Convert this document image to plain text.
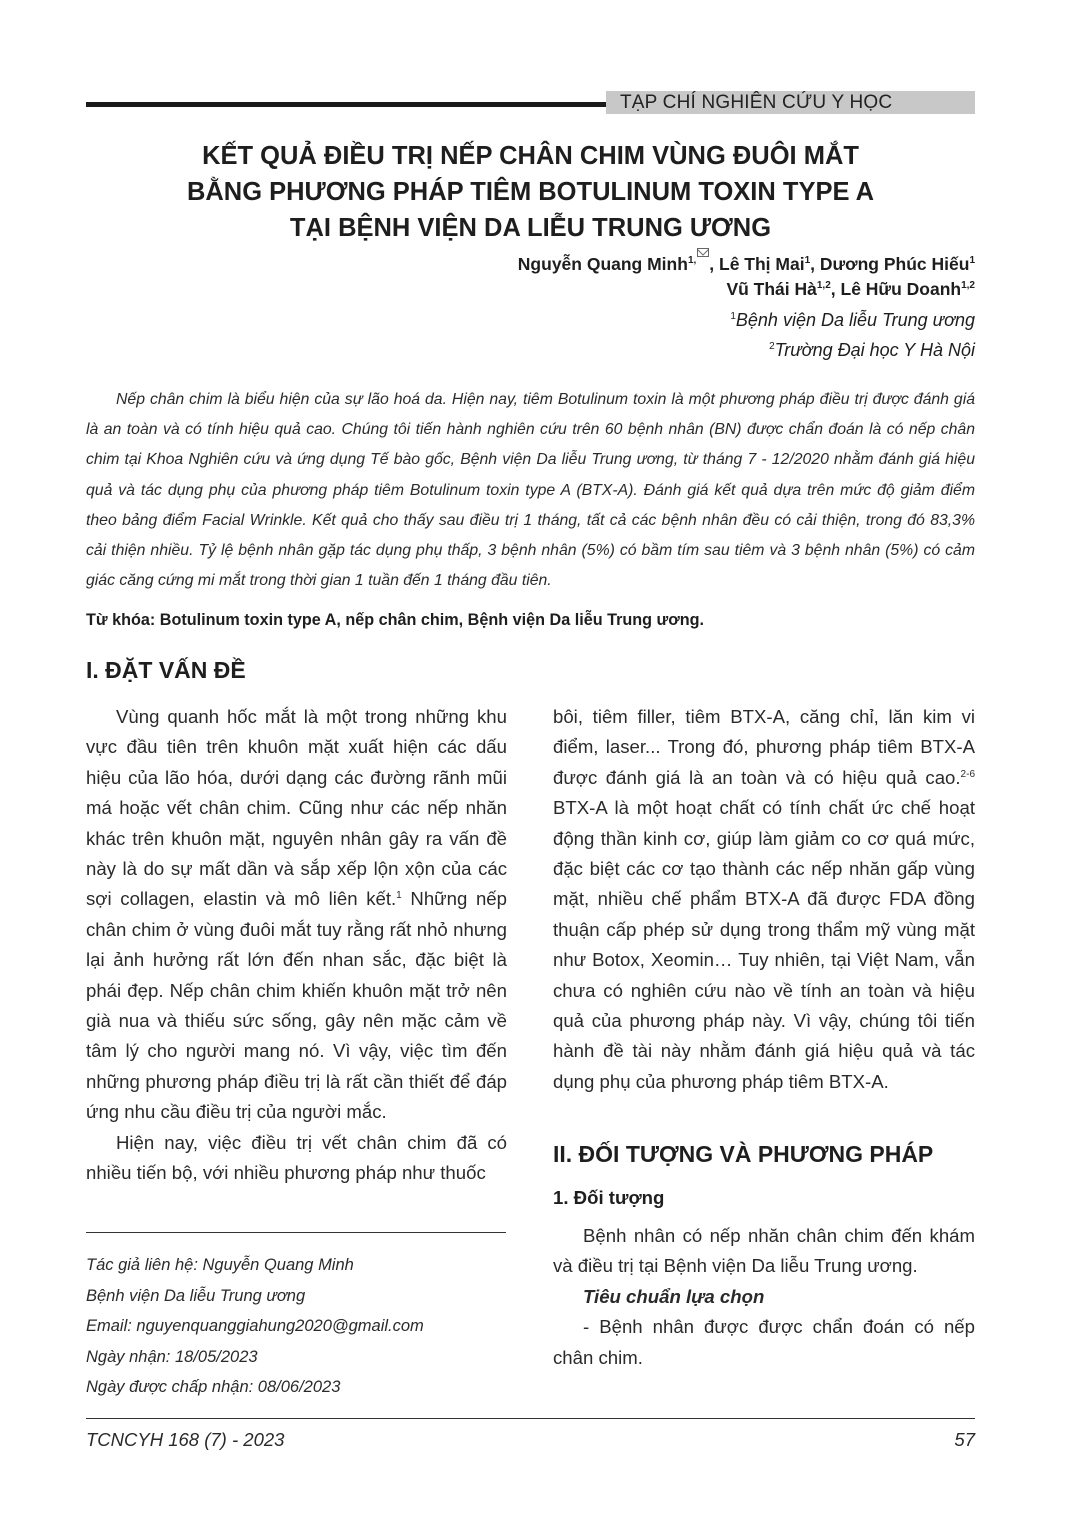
TẠP CHÍ NGHIÊN CỨU Y HỌC
KẾT QUẢ ĐIỀU TRỊ NẾP CHÂN CHIM VÙNG ĐUÔI MẮT
BẰNG PHƯƠNG PHÁP TIÊM BOTULINUM TOXIN TYPE A
TẠI BỆNH VIỆN DA LIỄU TRUNG ƯƠNG
Nguyễn Quang Minh$^{1,}$ , Lê Thị Mai$^1$, Dương Phúc Hiếu$^1$
Vũ Thái Hà$^{1,2}$, Lê Hữu Doanh$^{1,2}$
$^1$Bệnh viện Da liễu Trung ương
$^2$Trường Đại học Y Hà Nội

Nếp chân chim là biểu hiện của sự lão hoá da. Hiện nay, tiêm Botulinum toxin là một phương pháp điều trị được đánh giá là an toàn và có tính hiệu quả cao. Chúng tôi tiến hành nghiên cứu trên 60 bệnh nhân (BN) được chẩn đoán là có nếp chân chim tại Khoa Nghiên cứu và ứng dụng Tế bào gốc, Bệnh viện Da liễu Trung ương, từ tháng 7 - 12/2020 nhằm đánh giá hiệu quả và tác dụng phụ của phương pháp tiêm Botulinum toxin type A (BTX-A). Đánh giá kết quả dựa trên mức độ giảm điểm theo bảng điểm Facial Wrinkle. Kết quả cho thấy sau điều trị 1 tháng, tất cả các bệnh nhân đều có cải thiện, trong đó 83,3% cải thiện nhiều. Tỷ lệ bệnh nhân gặp tác dụng phụ thấp, 3 bệnh nhân (5%) có bầm tím sau tiêm và 3 bệnh nhân (5%) có cảm giác căng cứng mi mắt trong thời gian 1 tuần đến 1 tháng đầu tiên.

Từ khóa: Botulinum toxin type A, nếp chân chim, Bệnh viện Da liễu Trung ương.

I. ĐẶT VẤN ĐỀ

Vùng quanh hốc mắt là một trong những khu vực đầu tiên trên khuôn mặt xuất hiện các dấu hiệu của lão hóa, dưới dạng các đường rãnh mũi má hoặc vết chân chim. Cũng như các nếp nhăn khác trên khuôn mặt, nguyên nhân gây ra vấn đề này là do sự mất dần và sắp xếp lộn xộn của các sợi collagen, elastin và mô liên kết.$^1$ Những nếp chân chim ở vùng đuôi mắt tuy rằng rất nhỏ nhưng lại ảnh hưởng rất lớn đến nhan sắc, đặc biệt là phái đẹp. Nếp chân chim khiến khuôn mặt trở nên già nua và thiếu sức sống, gây nên mặc cảm về tâm lý cho người mang nó. Vì vậy, việc tìm đến những phương pháp điều trị là rất cần thiết để đáp ứng nhu cầu điều trị của người mắc.

Hiện nay, việc điều trị vết chân chim đã có nhiều tiến bộ, với nhiều phương pháp như thuốc

bôi, tiêm filler, tiêm BTX-A, căng chỉ, lăn kim vi điểm, laser... Trong đó, phương pháp tiêm BTX-A được đánh giá là an toàn và có hiệu quả cao.$^{2-6}$ BTX-A là một hoạt chất có tính chất ức chế hoạt động thần kinh cơ, giúp làm giảm co cơ quá mức, đặc biệt các cơ tạo thành các nếp nhăn gấp vùng mặt, nhiều chế phẩm BTX-A đã được FDA đồng thuận cấp phép sử dụng trong thẩm mỹ vùng mặt như Botox, Xeomin… Tuy nhiên, tại Việt Nam, vẫn chưa có nghiên cứu nào về tính an toàn và hiệu quả của phương pháp này. Vì vậy, chúng tôi tiến hành đề tài này nhằm đánh giá hiệu quả và tác dụng phụ của phương pháp tiêm BTX-A.

II. ĐỐI TƯỢNG VÀ PHƯƠNG PHÁP
1. Đối tượng

Bệnh nhân có nếp nhăn chân chim đến khám và điều trị tại Bệnh viện Da liễu Trung ương.

Tiêu chuẩn lựa chọn

- Bệnh nhân được được chẩn đoán có nếp chân chim.

Tác giả liên hệ: Nguyễn Quang Minh
Bệnh viện Da liễu Trung ương
Email: nguyenquanggiahung2020@gmail.com
Ngày nhận: 18/05/2023
Ngày được chấp nhận: 08/06/2023
TCNCYH 168 (7) - 2023	57
